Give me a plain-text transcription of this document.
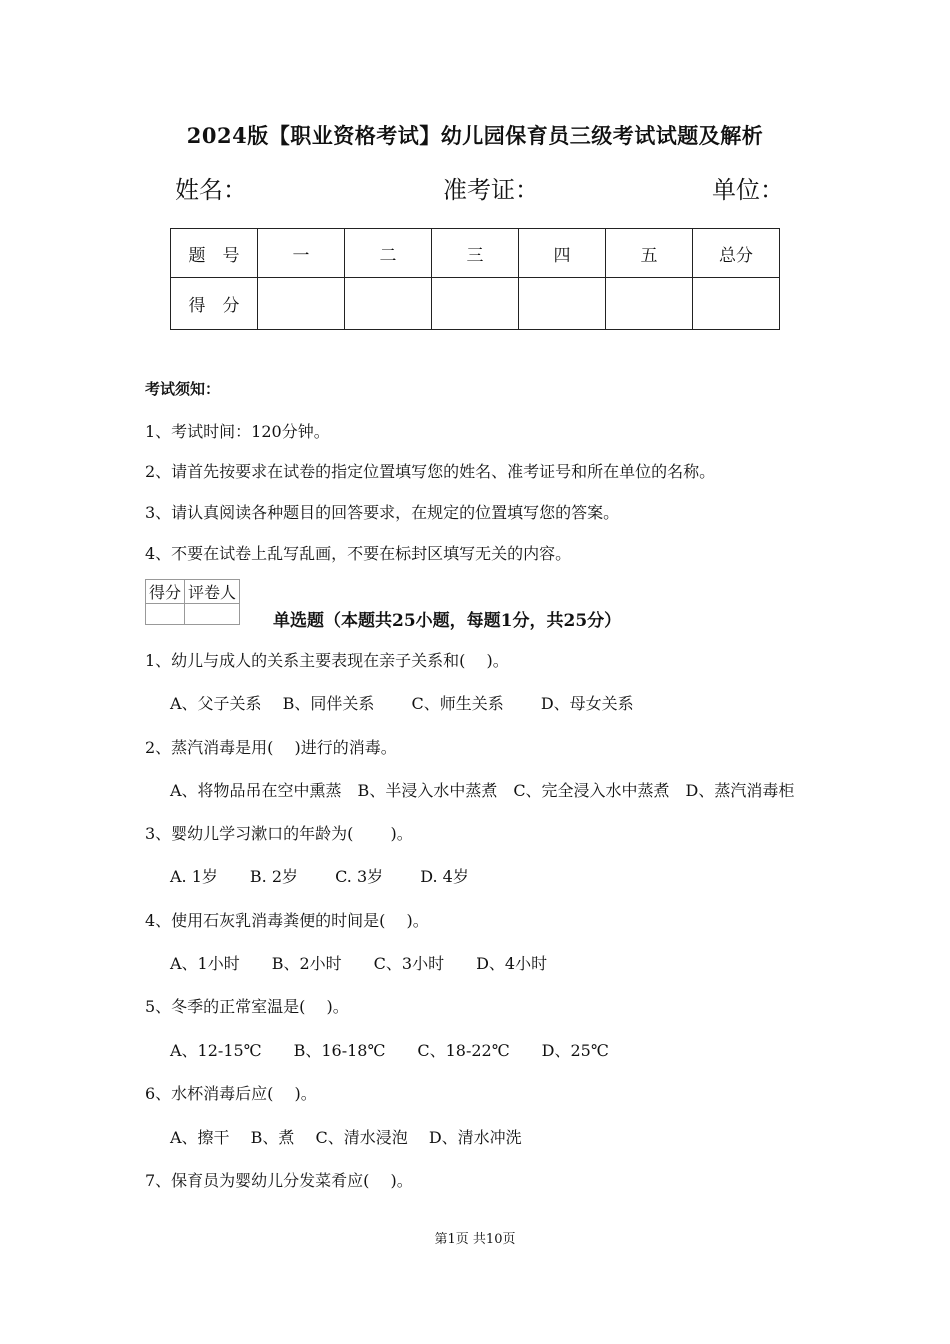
2024版【职业资格考试】幼儿园保育员三级考试试题及解析
姓名：	准考证：	单位：
题　号	一	二	三	四	五	总分
得　分						
考试须知：
1、考试时间：120分钟。
2、请首先按要求在试卷的指定位置填写您的姓名、准考证号和所在单位的名称。
3、请认真阅读各种题目的回答要求，在规定的位置填写您的答案。
4、不要在试卷上乱写乱画，不要在标封区填写无关的内容。
得分	评卷人

单选题（本题共25小题，每题1分，共25分）
1、幼儿与成人的关系主要表现在亲子关系和(　 )。
A、父子关系　 B、同伴关系　　 C、师生关系　　 D、母女关系
2、蒸汽消毒是用(　 )进行的消毒。
A、将物品吊在空中熏蒸　B、半浸入水中蒸煮　C、完全浸入水中蒸煮　D、蒸汽消毒柜
3、婴幼儿学习漱口的年龄为(　　 )。
A. 1岁　　B. 2岁　　 C. 3岁　　 D. 4岁
4、使用石灰乳消毒粪便的时间是(　 )。
A、1小时　　B、2小时　　C、3小时　　D、4小时
5、冬季的正常室温是(　 )。
A、12-15℃　　B、16-18℃　　C、18-22℃　　D、25℃
6、水杯消毒后应(　 )。
A、擦干　 B、煮　 C、清水浸泡　 D、清水冲洗
7、保育员为婴幼儿分发菜肴应(　 )。
第1页 共10页
